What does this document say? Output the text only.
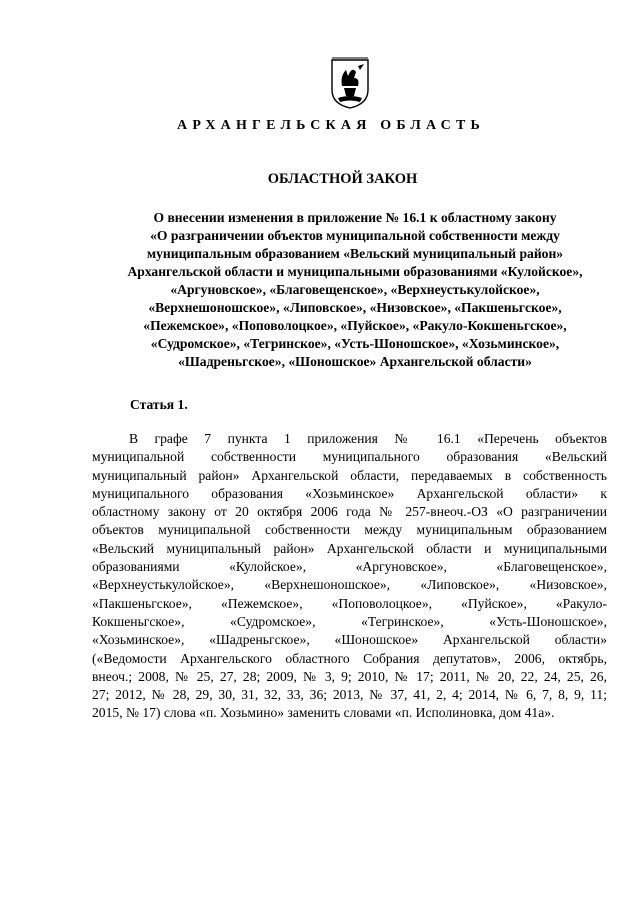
АРХАНГЕЛЬСКАЯ ОБЛАСТЬ
ОБЛАСТНОЙ ЗАКОН
О внесении изменения в приложение № 16.1 к областному закону
«О разграничении объектов муниципальной собственности между
муниципальным образованием «Вельский муниципальный район»
Архангельской области и муниципальными образованиями «Кулойское»,
«Аргуновское», «Благовещенское», «Верхнеустькулойское»,
«Верхнешоношское», «Липовское», «Низовское», «Пакшеньгское»,
«Пежемское», «Поповолоцкое», «Пуйское», «Ракуло-Кокшеньгское»,
«Судромское», «Тегринское», «Усть-Шоношское», «Хозьминское»,
«Шадреньгское», «Шоношское» Архангельской области»
Статья 1.
В графе 7 пункта 1 приложения № 16.1 «Перечень объектов
муниципальной собственности муниципального образования «Вельский
муниципальный район» Архангельской области, передаваемых в собственность
муниципального образования «Хозьминское» Архангельской области» к
областному закону от 20 октября 2006 года № 257-внеоч.-ОЗ «О разграничении
объектов муниципальной собственности между муниципальным образованием
«Вельский муниципальный район» Архангельской области и муниципальными
образованиями «Кулойское», «Аргуновское», «Благовещенское»,
«Верхнеустькулойское», «Верхнешоношское», «Липовское», «Низовское»,
«Пакшеньгское», «Пежемское», «Поповолоцкое», «Пуйское», «Ракуло-
Кокшеньгское», «Судромское», «Тегринское», «Усть-Шоношское»,
«Хозьминское», «Шадреньгское», «Шоношское» Архангельской области»
(«Ведомости Архангельского областного Собрания депутатов», 2006, октябрь,
внеоч.; 2008, № 25, 27, 28; 2009, № 3, 9; 2010, № 17; 2011, № 20, 22, 24, 25, 26,
27; 2012, № 28, 29, 30, 31, 32, 33, 36; 2013, № 37, 41, 2, 4; 2014, № 6, 7, 8, 9, 11;
2015, № 17) слова «п. Хозьмино» заменить словами «п. Исполиновка, дом 41а».
